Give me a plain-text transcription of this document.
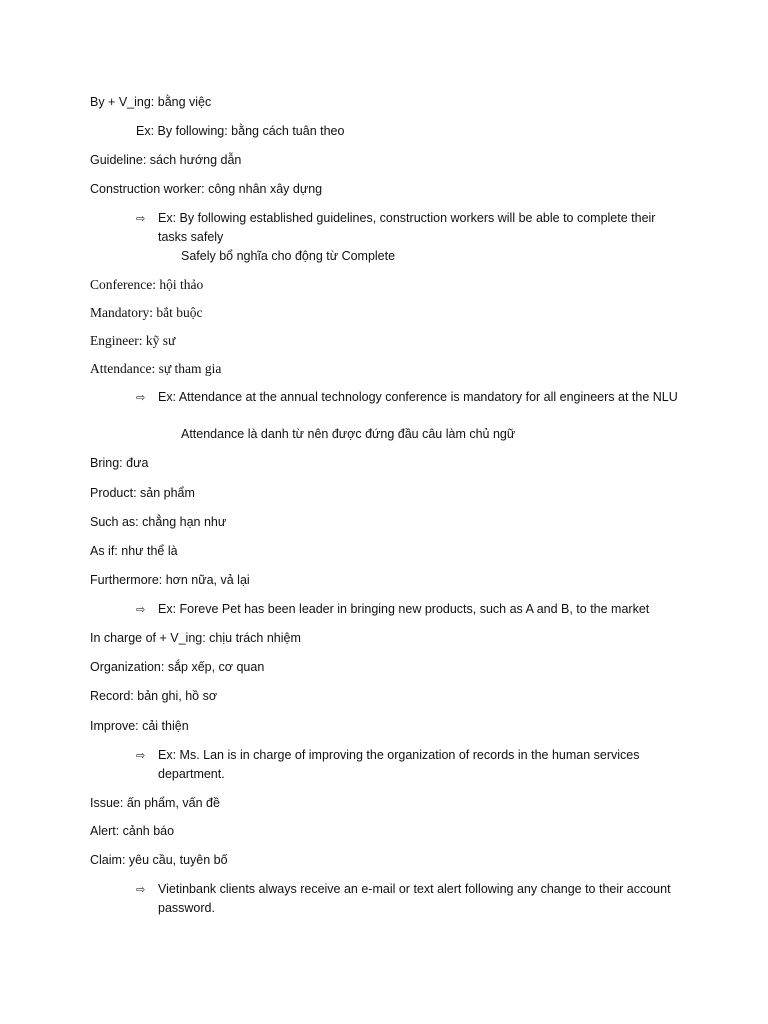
By + V_ing: bằng việc
Ex: By following: bằng cách tuân theo
Guideline: sách hướng dẫn
Construction worker: công nhân xây dựng
⇨ Ex: By following established guidelines, construction workers will be able to complete their tasks safely
Safely bổ nghĩa cho động từ Complete
Conference: hội thảo
Mandatory: bắt buộc
Engineer: kỹ sư
Attendance: sự tham gia
⇨ Ex: Attendance at the annual technology conference is mandatory for all engineers at the NLU
Attendance là danh từ nên được đứng đầu câu làm chủ ngữ
Bring: đưa
Product: sản phẩm
Such as: chẳng hạn như
As if: như thể là
Furthermore: hơn nữa, vả lại
⇨ Ex: Foreve Pet has been leader in bringing new products, such as A and B, to the market
In charge of + V_ing: chịu trách nhiệm
Organization: sắp xếp, cơ quan
Record: bản ghi, hồ sơ
Improve: cải thiện
⇨ Ex: Ms. Lan is in charge of improving the organization of records in the human services department.
Issue: ấn phẩm, vấn đề
Alert: cảnh báo
Claim: yêu cầu, tuyên bố
⇨ Vietinbank clients always receive an e-mail or text alert following any change to their account password.
